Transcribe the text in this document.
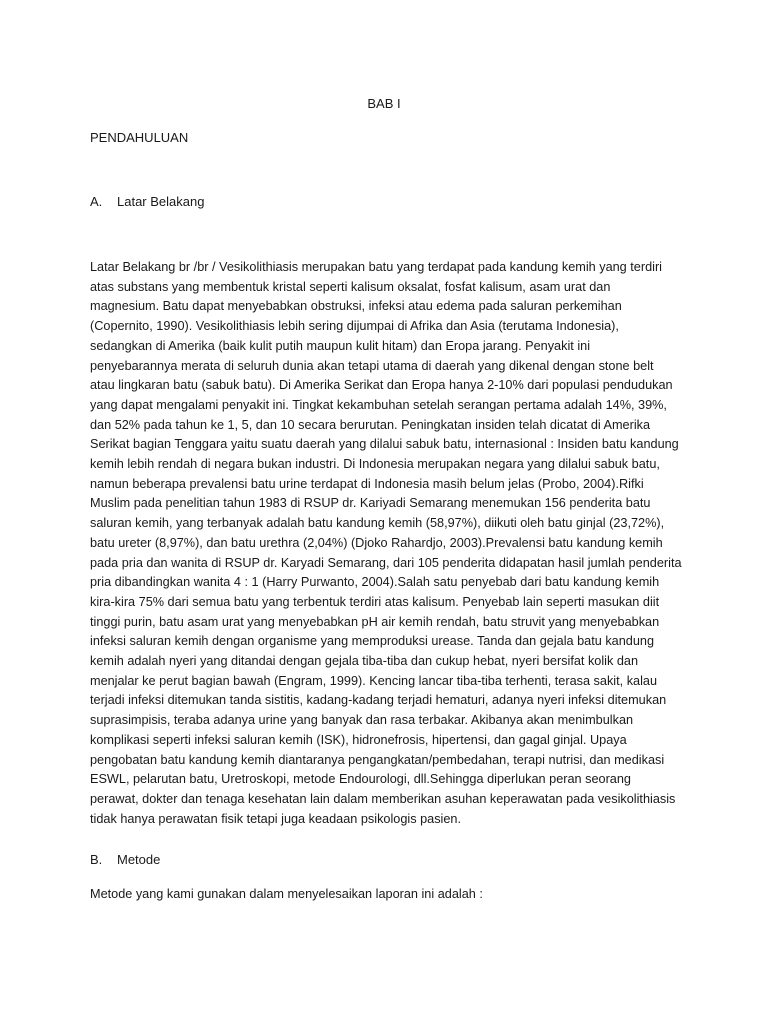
BAB I
PENDAHULUAN
A. Latar Belakang
Latar Belakang br /br / Vesikolithiasis merupakan batu yang terdapat pada kandung kemih yang terdiri
atas substans yang membentuk kristal seperti kalisum oksalat, fosfat kalisum, asam urat dan
magnesium. Batu dapat menyebabkan obstruksi, infeksi atau edema pada saluran perkemihan
(Copernito, 1990). Vesikolithiasis lebih sering dijumpai di Afrika dan Asia (terutama Indonesia),
sedangkan di Amerika (baik kulit putih maupun kulit hitam) dan Eropa jarang. Penyakit ini
penyebarannya merata di seluruh dunia akan tetapi utama di daerah yang dikenal dengan stone belt
atau lingkaran batu (sabuk batu). Di Amerika Serikat dan Eropa hanya 2-10% dari populasi pendudukan
yang dapat mengalami penyakit ini. Tingkat kekambuhan setelah serangan pertama adalah 14%, 39%,
dan 52% pada tahun ke 1, 5, dan 10 secara berurutan. Peningkatan insiden telah dicatat di Amerika
Serikat bagian Tenggara yaitu suatu daerah yang dilalui sabuk batu, internasional : Insiden batu kandung
kemih lebih rendah di negara bukan industri. Di Indonesia merupakan negara yang dilalui sabuk batu,
namun beberapa prevalensi batu urine terdapat di Indonesia masih belum jelas (Probo, 2004).Rifki
Muslim pada penelitian tahun 1983 di RSUP dr. Kariyadi Semarang menemukan 156 penderita batu
saluran kemih, yang terbanyak adalah batu kandung kemih (58,97%), diikuti oleh batu ginjal (23,72%),
batu ureter (8,97%), dan batu urethra (2,04%) (Djoko Rahardjo, 2003).Prevalensi batu kandung kemih
pada pria dan wanita di RSUP dr. Karyadi Semarang, dari 105 penderita didapatan hasil jumlah penderita
pria dibandingkan wanita 4 : 1 (Harry Purwanto, 2004).Salah satu penyebab dari batu kandung kemih
kira-kira 75% dari semua batu yang terbentuk terdiri atas kalisum. Penyebab lain seperti masukan diit
tinggi purin, batu asam urat yang menyebabkan pH air kemih rendah, batu struvit yang menyebabkan
infeksi saluran kemih dengan organisme yang memproduksi urease. Tanda dan gejala batu kandung
kemih adalah nyeri yang ditandai dengan gejala tiba-tiba dan cukup hebat, nyeri bersifat kolik dan
menjalar ke perut bagian bawah (Engram, 1999). Kencing lancar tiba-tiba terhenti, terasa sakit, kalau
terjadi infeksi ditemukan tanda sistitis, kadang-kadang terjadi hematuri, adanya nyeri infeksi ditemukan
suprasimpisis, teraba adanya urine yang banyak dan rasa terbakar. Akibanya akan menimbulkan
komplikasi seperti infeksi saluran kemih (ISK), hidronefrosis, hipertensi, dan gagal ginjal. Upaya
pengobatan batu kandung kemih diantaranya pengangkatan/pembedahan, terapi nutrisi, dan medikasi
ESWL, pelarutan batu, Uretroskopi, metode Endourologi, dll.Sehingga diperlukan peran seorang
perawat, dokter dan tenaga kesehatan lain dalam memberikan asuhan keperawatan pada vesikolithiasis
tidak hanya perawatan fisik tetapi juga keadaan psikologis pasien.
B. Metode

Metode yang kami gunakan dalam menyelesaikan laporan ini adalah :
